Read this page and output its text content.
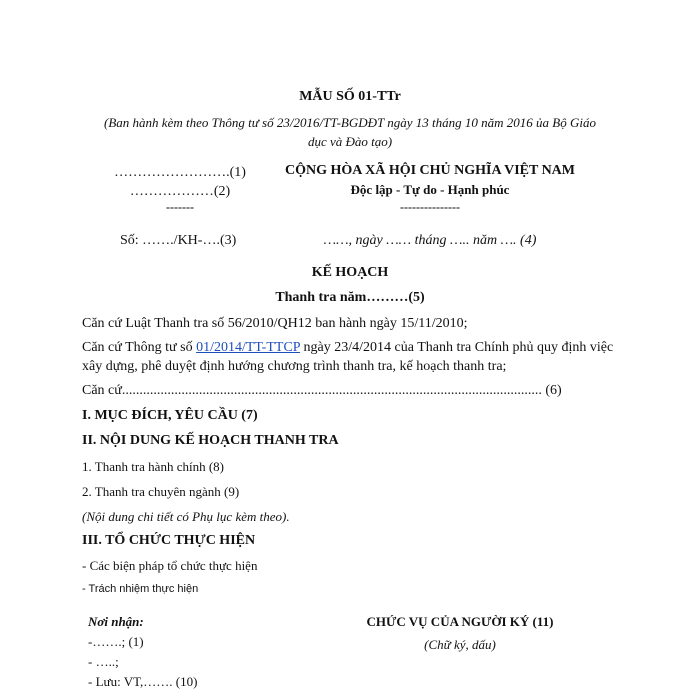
MẪU SỐ 01-TTr
(Ban hành kèm theo Thông tư số 23/2016/TT-BGDĐT ngày 13 tháng 10 năm 2016 ủa Bộ Giáo
dục và Đào tạo)
…………………….(1)
………………(2)
-------
Số: ……./KH-….(3)
CỘNG HÒA XÃ HỘI CHỦ NGHĨA VIỆT NAM
Độc lập - Tự do - Hạnh phúc
---------------
……, ngày …… tháng ….. năm …. (4)
KẾ HOẠCH
Thanh tra năm………(5)
Căn cứ Luật Thanh tra số 56/2010/QH12 ban hành ngày 15/11/2010;
Căn cứ Thông tư số 01/2014/TT-TTCP ngày 23/4/2014 của Thanh tra Chính phủ quy định việc
xây dựng, phê duyệt định hướng chương trình thanh tra, kế hoạch thanh tra;
Căn cứ........................................................................................................................ (6)
I. MỤC ĐÍCH, YÊU CẦU (7)
II. NỘI DUNG KẾ HOẠCH THANH TRA
1. Thanh tra hành chính (8)
2. Thanh tra chuyên ngành (9)
(Nội dung chi tiết có Phụ lục kèm theo).
III. TỔ CHỨC THỰC HIỆN
- Các biện pháp tổ chức thực hiện
- Trách nhiệm thực hiện
Nơi nhận:
-…….; (1)
- …..;
- Lưu: VT,……. (10)
CHỨC VỤ CỦA NGƯỜI KÝ (11)
(Chữ ký, dấu)
